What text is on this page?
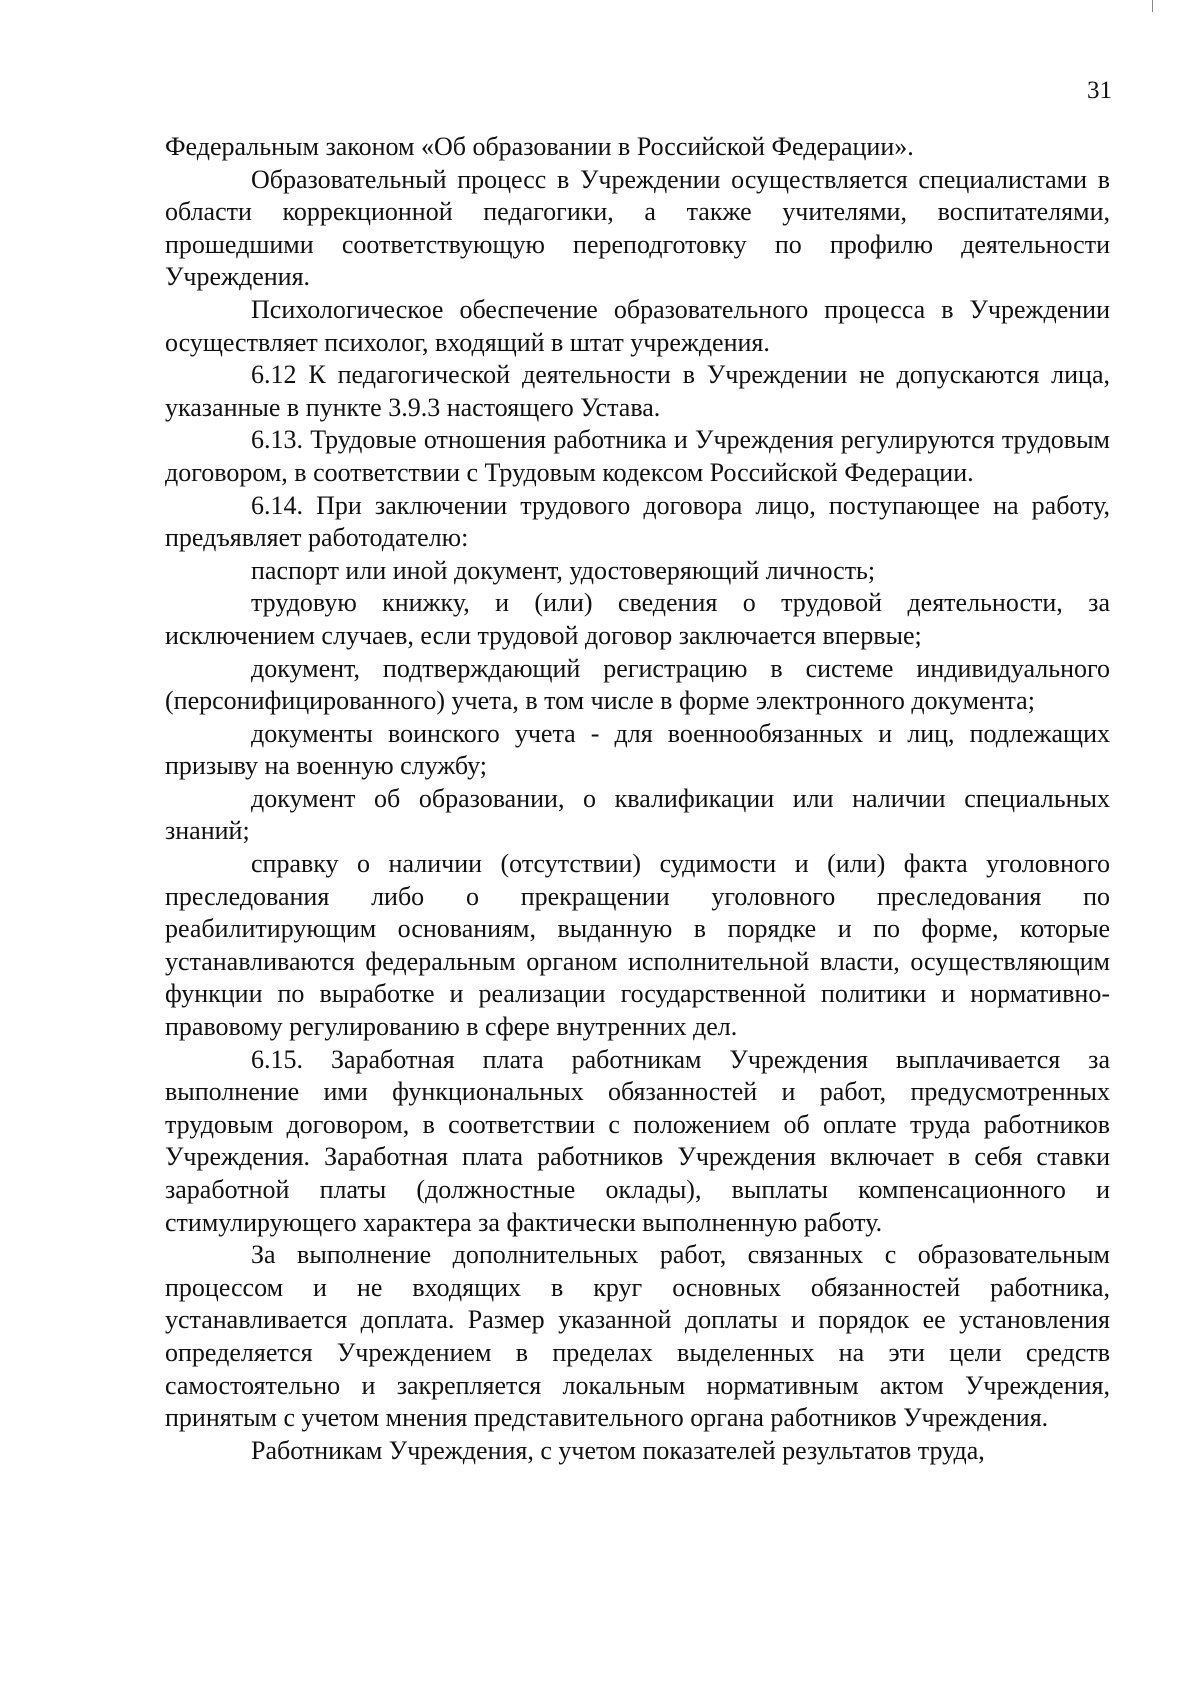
31

Федеральным законом «Об образовании в Российской Федерации».

Образовательный процесс в Учреждении осуществляется специалистами в области коррекционной педагогики, а также учителями, воспитателями, прошедшими соответствующую переподготовку по профилю деятельности Учреждения.

Психологическое обеспечение образовательного процесса в Учреждении осуществляет психолог, входящий в штат учреждения.

6.12 К педагогической деятельности в Учреждении не допускаются лица, указанные в пункте 3.9.3 настоящего Устава.

6.13. Трудовые отношения работника и Учреждения регулируются трудовым договором, в соответствии с Трудовым кодексом Российской Федерации.

6.14. При заключении трудового договора лицо, поступающее на работу, предъявляет работодателю:

паспорт или иной документ, удостоверяющий личность;

трудовую книжку, и (или) сведения о трудовой деятельности, за исключением случаев, если трудовой договор заключается впервые;

документ, подтверждающий регистрацию в системе индивидуального (персонифицированного) учета, в том числе в форме электронного документа;

документы воинского учета - для военнообязанных и лиц, подлежащих призыву на военную службу;

документ об образовании, о квалификации или наличии специальных знаний;

справку о наличии (отсутствии) судимости и (или) факта уголовного преследования либо о прекращении уголовного преследования по реабилитирующим основаниям, выданную в порядке и по форме, которые устанавливаются федеральным органом исполнительной власти, осуществляющим функции по выработке и реализации государственной политики и нормативно-правовому регулированию в сфере внутренних дел.

6.15. Заработная плата работникам Учреждения выплачивается за выполнение ими функциональных обязанностей и работ, предусмотренных трудовым договором, в соответствии с положением об оплате труда работников Учреждения. Заработная плата работников Учреждения включает в себя ставки заработной платы (должностные оклады), выплаты компенсационного и стимулирующего характера за фактически выполненную работу.

За выполнение дополнительных работ, связанных с образовательным процессом и не входящих в круг основных обязанностей работника, устанавливается доплата. Размер указанной доплаты и порядок ее установления определяется Учреждением в пределах выделенных на эти цели средств самостоятельно и закрепляется локальным нормативным актом Учреждения, принятым с учетом мнения представительного органа работников Учреждения.

Работникам Учреждения, с учетом показателей результатов труда,
